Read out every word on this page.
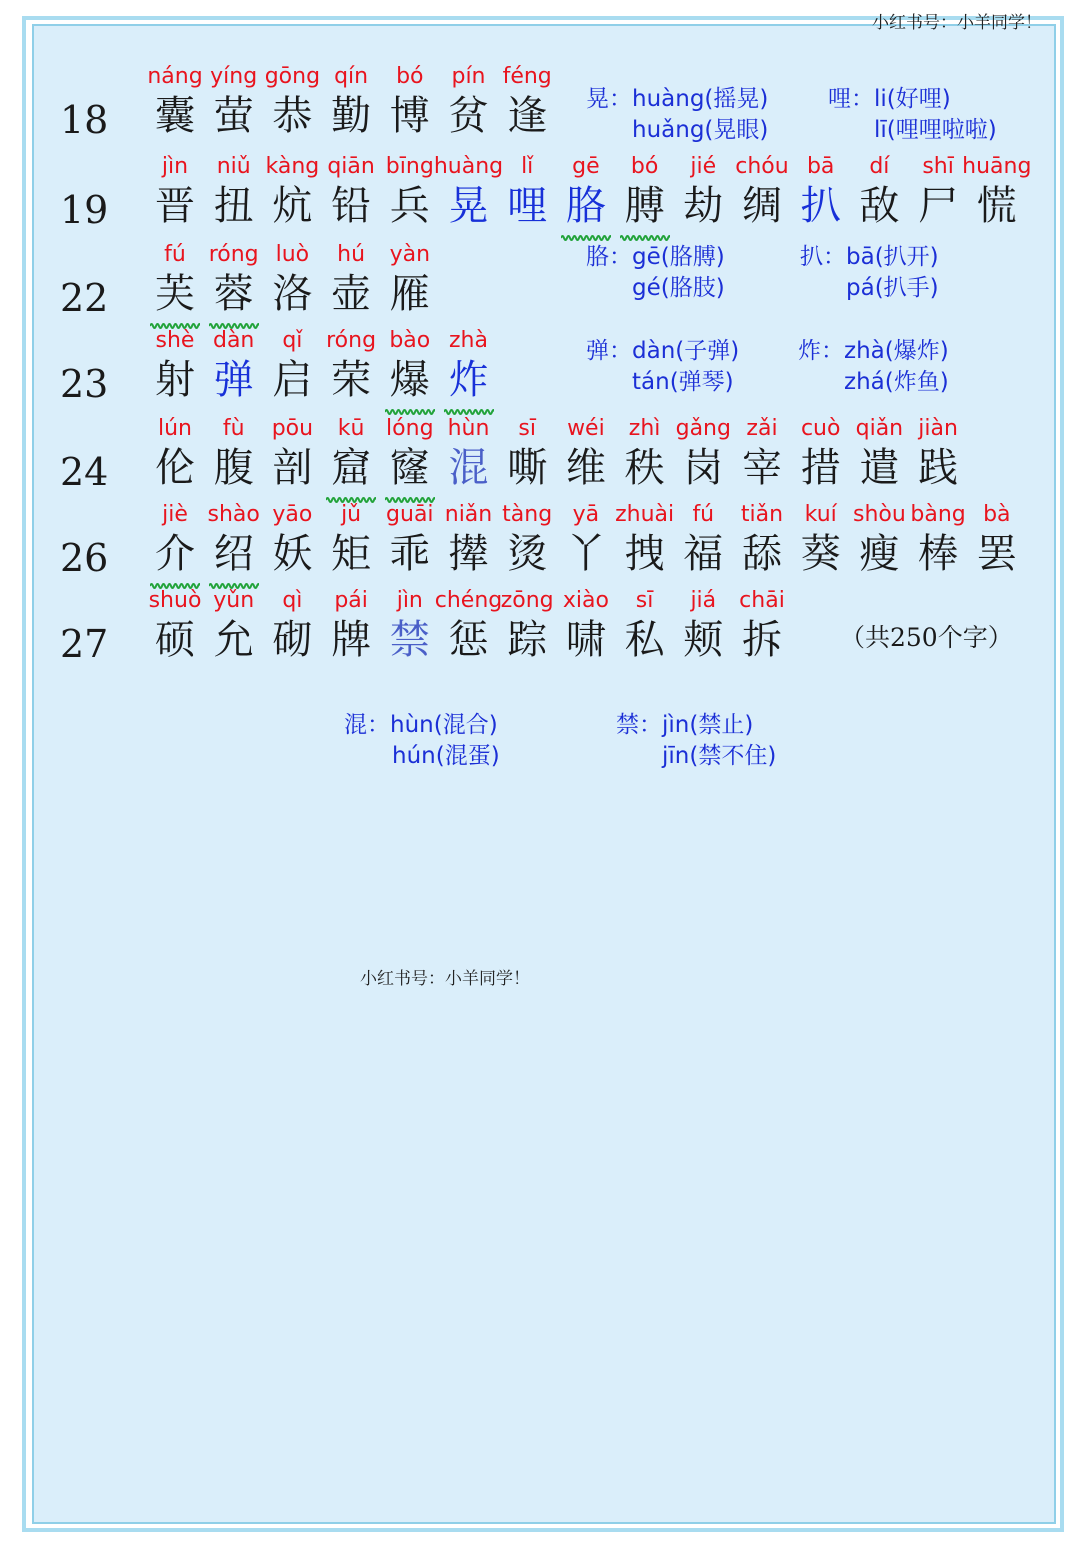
小红书号：小羊同学！
18
náng
囊
yíng
萤
gōng
恭
qín
勤
bó
博
pín
贫
féng
逢
19
jìn
晋
niǔ
扭
kàng
炕
qiān
铅
bīng
兵
huàng
晃
lǐ
哩
gē
胳
bó
膊
jié
劫
chóu
绸
bā
扒
dí
敌
shī
尸
huāng
慌
22
fú
芙
róng
蓉
luò
洛
hú
壶
yàn
雁
23
shè
射
dàn
弹
qǐ
启
róng
荣
bào
爆
zhà
炸
24
lún
伦
fù
腹
pōu
剖
kū
窟
lóng
窿
hùn
混
sī
嘶
wéi
维
zhì
秩
gǎng
岗
zǎi
宰
cuò
措
qiǎn
遣
jiàn
践
26
jiè
介
shào
绍
yāo
妖
jǔ
矩
guāi
乖
niǎn
撵
tàng
烫
yā
丫
zhuài
拽
fú
福
tiǎn
舔
kuí
葵
shòu
瘦
bàng
棒
bà
罢
27
shuò
硕
yǔn
允
qì
砌
pái
牌
jìn
禁
chéng
惩
zōng
踪
xiào
啸
sī
私
jiá
颊
chāi
拆
晃：huàng(摇晃)
huǎng(晃眼)
哩：li(好哩)
lī(哩哩啦啦)
胳：gē(胳膊)
gé(胳肢)
扒：bā(扒开)
pá(扒手)
弹：dàn(子弹)
tán(弹琴)
炸：zhà(爆炸)
zhá(炸鱼)
混：hùn(混合)
hún(混蛋)
禁：jìn(禁止)
jīn(禁不住)
（共250个字）
小红书号：小羊同学！
